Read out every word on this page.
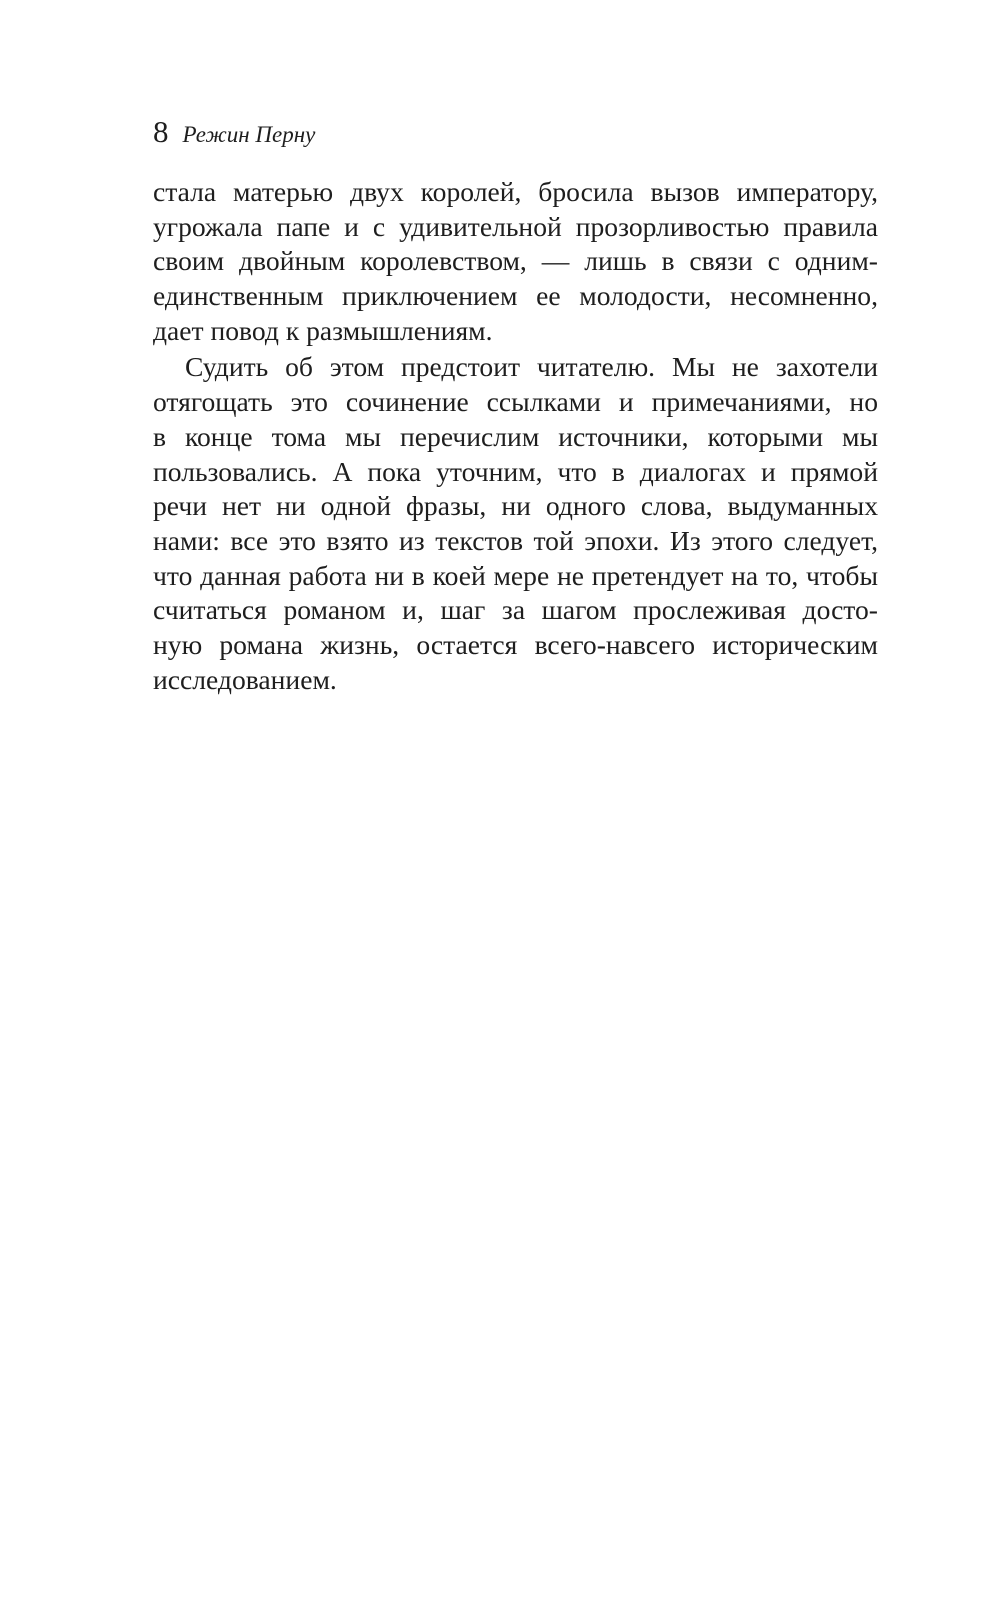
8 Режин Перну
стала матерью двух королей, бросила вызов императору,
угрожала папе и с удивительной прозорливостью правила
своим двойным королевством, — лишь в связи с одним-
единственным приключением ее молодости, несомненно,
дает повод к размышлениям.
Судить об этом предстоит читателю. Мы не захотели
отягощать это сочинение ссылками и примечаниями, но
в конце тома мы перечислим источники, которыми мы
пользовались. А пока уточним, что в диалогах и прямой
речи нет ни одной фразы, ни одного слова, выдуманных
нами: все это взято из текстов той эпохи. Из этого следует,
что данная работа ни в коей мере не претендует на то, чтобы
считаться романом и, шаг за шагом прослеживая досто-
ную романа жизнь, остается всего-навсего историческим
исследованием.
